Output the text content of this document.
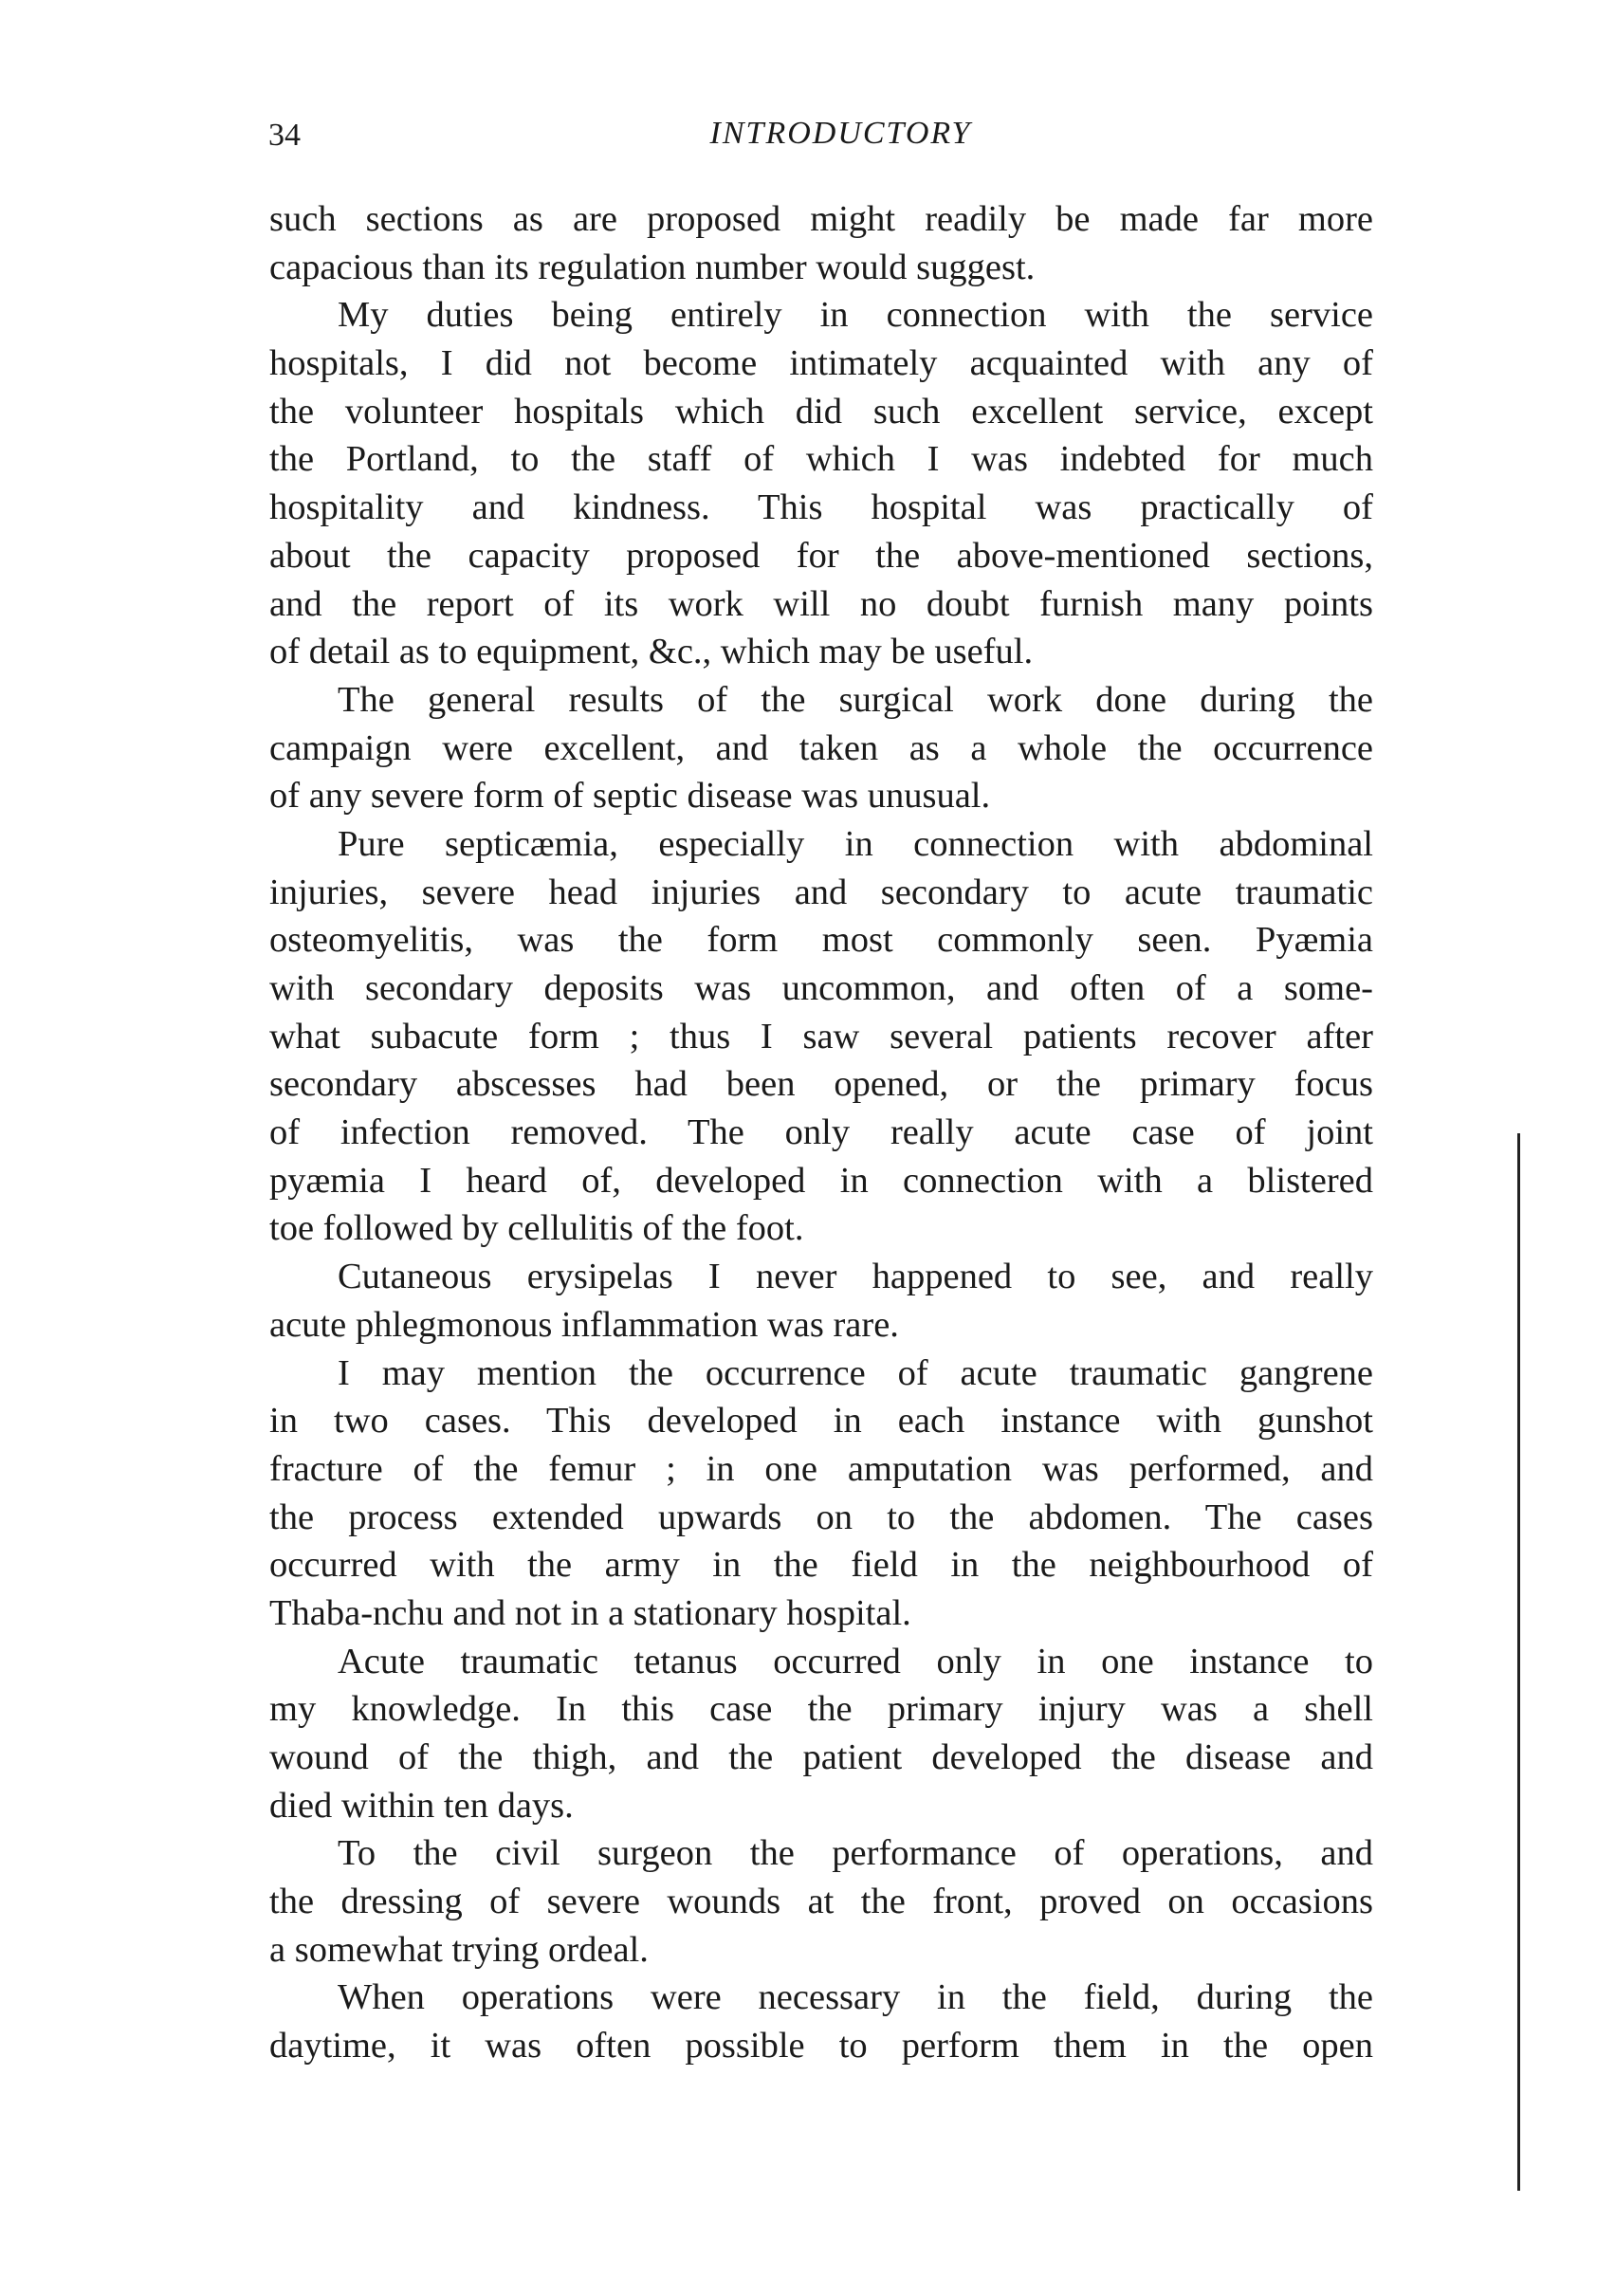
34	INTRODUCTORY
such sections as are proposed might readily be made far more
capacious than its regulation number would suggest.
My duties being entirely in connection with the service
hospitals, I did not become intimately acquainted with any of
the volunteer hospitals which did such excellent service, except
the Portland, to the staff of which I was indebted for much
hospitality and kindness. This hospital was practically of
about the capacity proposed for the above-mentioned sections,
and the report of its work will no doubt furnish many points
of detail as to equipment, &c., which may be useful.
The general results of the surgical work done during the
campaign were excellent, and taken as a whole the occurrence
of any severe form of septic disease was unusual.
Pure septicæmia, especially in connection with abdominal
injuries, severe head injuries and secondary to acute traumatic
osteomyelitis, was the form most commonly seen. Pyæmia
with secondary deposits was uncommon, and often of a some-
what subacute form ; thus I saw several patients recover after
secondary abscesses had been opened, or the primary focus
of infection removed. The only really acute case of joint
pyæmia I heard of, developed in connection with a blistered
toe followed by cellulitis of the foot.
Cutaneous erysipelas I never happened to see, and really
acute phlegmonous inflammation was rare.
I may mention the occurrence of acute traumatic gangrene
in two cases. This developed in each instance with gunshot
fracture of the femur ; in one amputation was performed, and
the process extended upwards on to the abdomen. The cases
occurred with the army in the field in the neighbourhood of
Thaba-nchu and not in a stationary hospital.
Acute traumatic tetanus occurred only in one instance to
my knowledge. In this case the primary injury was a shell
wound of the thigh, and the patient developed the disease and
died within ten days.
To the civil surgeon the performance of operations, and
the dressing of severe wounds at the front, proved on occasions
a somewhat trying ordeal.
When operations were necessary in the field, during the
daytime, it was often possible to perform them in the open
